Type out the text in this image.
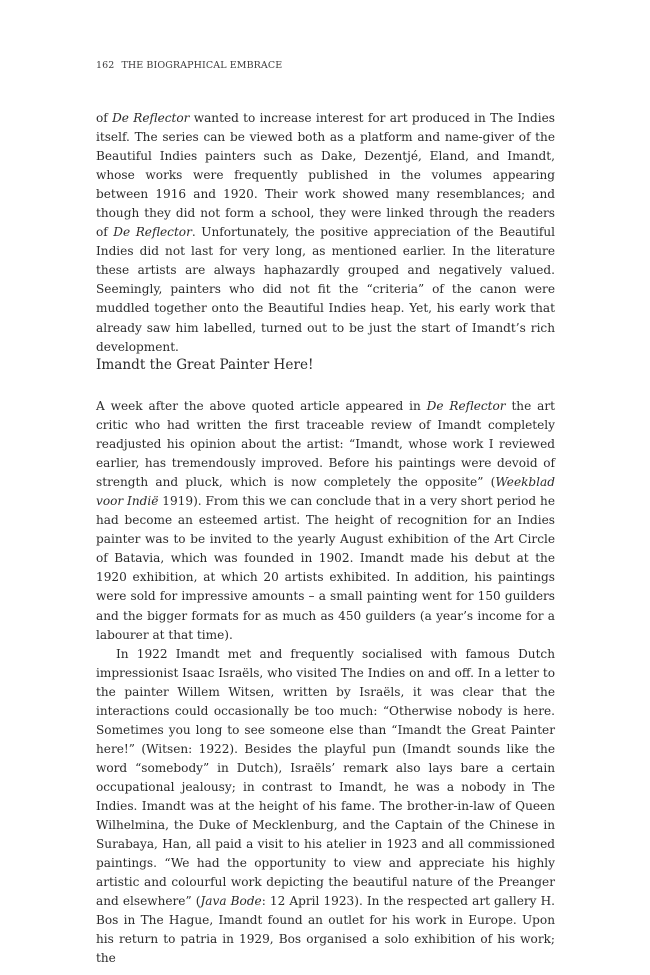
162 THE BIOGRAPHICAL EMBRACE

of De Reflector wanted to increase interest for art produced in The Indies itself. The series can be viewed both as a platform and name-giver of the Beautiful Indies painters such as Dake, Dezentjé, Eland, and Imandt, whose works were frequently published in the volumes appearing between 1916 and 1920. Their work showed many resemblances; and though they did not form a school, they were linked through the readers of De Reflector. Unfortunately, the positive appreciation of the Beautiful Indies did not last for very long, as mentioned earlier. In the literature these artists are always haphazardly grouped and negatively valued. Seemingly, painters who did not fit the “criteria” of the canon were muddled together onto the Beautiful Indies heap. Yet, his early work that already saw him labelled, turned out to be just the start of Imandt’s rich development.

Imandt the Great Painter Here!

A week after the above quoted article appeared in De Reflector the art critic who had written the first traceable review of Imandt completely readjusted his opinion about the artist: “Imandt, whose work I reviewed earlier, has tremendously improved. Before his paintings were devoid of strength and pluck, which is now completely the opposite” (Weekblad voor Indië 1919). From this we can conclude that in a very short period he had become an esteemed artist. The height of recognition for an Indies painter was to be invited to the yearly August exhibition of the Art Circle of Batavia, which was founded in 1902. Imandt made his debut at the 1920 exhibition, at which 20 artists exhibited. In addition, his paintings were sold for impressive amounts – a small painting went for 150 guilders and the bigger formats for as much as 450 guilders (a year’s income for a labourer at that time).

In 1922 Imandt met and frequently socialised with famous Dutch impressionist Isaac Israëls, who visited The Indies on and off. In a letter to the painter Willem Witsen, written by Israëls, it was clear that the interactions could occasionally be too much: “Otherwise nobody is here. Sometimes you long to see someone else than “Imandt the Great Painter here!” (Witsen: 1922). Besides the playful pun (Imandt sounds like the word “somebody” in Dutch), Israëls’ remark also lays bare a certain occupational jealousy; in contrast to Imandt, he was a nobody in The Indies. Imandt was at the height of his fame. The brother-in-law of Queen Wilhelmina, the Duke of Mecklenburg, and the Captain of the Chinese in Surabaya, Han, all paid a visit to his atelier in 1923 and all commissioned paintings. “We had the opportunity to view and appreciate his highly artistic and colourful work depicting the beautiful nature of the Preanger and elsewhere” (Java Bode: 12 April 1923). In the respected art gallery H. Bos in The Hague, Imandt found an outlet for his work in Europe. Upon his return to patria in 1929, Bos organised a solo exhibition of his work; the
